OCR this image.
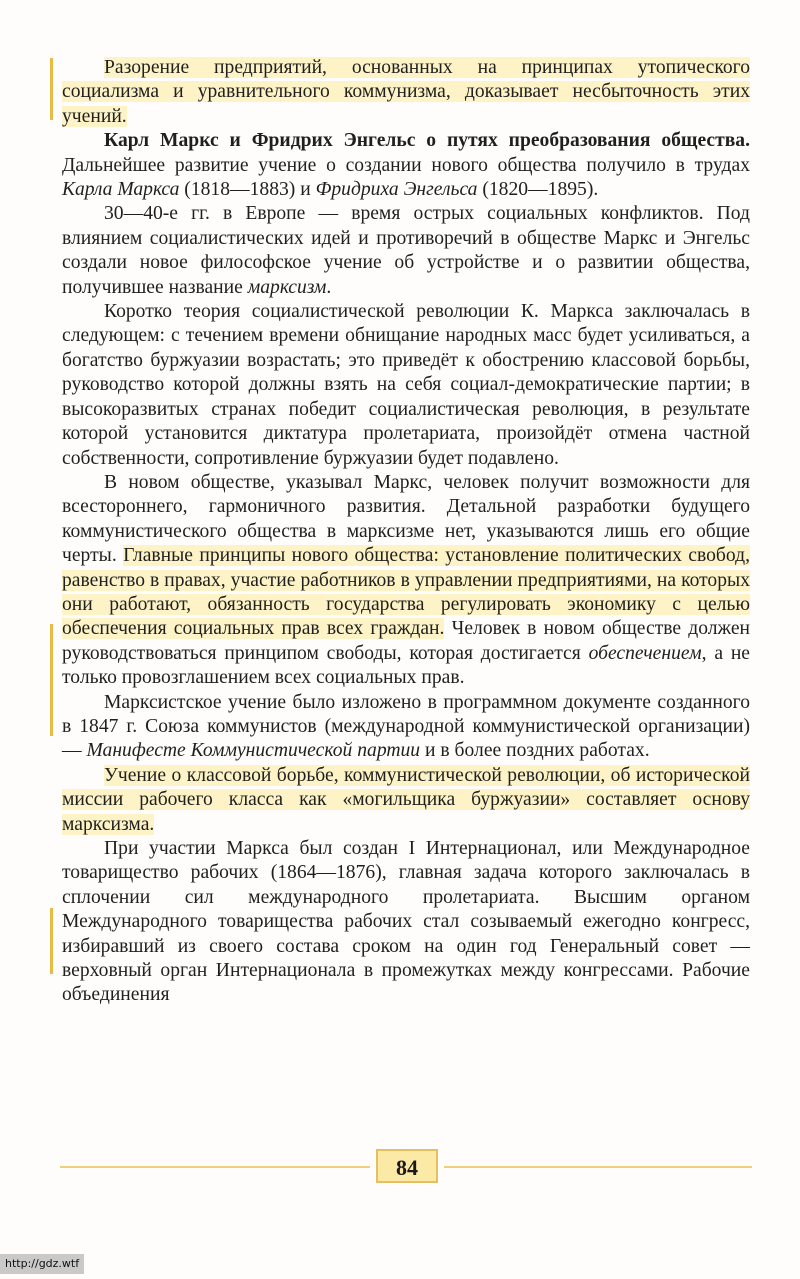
Разорение предприятий, основанных на принципах утопического социализма и уравнительного коммунизма, доказывает несбыточность этих учений.

Карл Маркс и Фридрих Энгельс о путях преобразования общества. Дальнейшее развитие учение о создании нового общества получило в трудах Карла Маркса (1818—1883) и Фридриха Энгельса (1820—1895).

30—40-е гг. в Европе — время острых социальных конфликтов. Под влиянием социалистических идей и противоречий в обществе Маркс и Энгельс создали новое философское учение об устройстве и о развитии общества, получившее название марксизм.

Коротко теория социалистической революции К. Маркса заключалась в следующем: с течением времени обнищание народных масс будет усиливаться, а богатство буржуазии возрастать; это приведёт к обострению классовой борьбы, руководство которой должны взять на себя социал-демократические партии; в высокоразвитых странах победит социалистическая революция, в результате которой установится диктатура пролетариата, произойдёт отмена частной собственности, сопротивление буржуазии будет подавлено.

В новом обществе, указывал Маркс, человек получит возможности для всестороннего, гармоничного развития. Детальной разработки будущего коммунистического общества в марксизме нет, указываются лишь его общие черты. Главные принципы нового общества: установление политических свобод, равенство в правах, участие работников в управлении предприятиями, на которых они работают, обязанность государства регулировать экономику с целью обеспечения социальных прав всех граждан. Человек в новом обществе должен руководствоваться принципом свободы, которая достигается обеспечением, а не только провозглашением всех социальных прав.

Марксистское учение было изложено в программном документе созданного в 1847 г. Союза коммунистов (международной коммунистической организации) — Манифесте Коммунистической партии и в более поздних работах.

Учение о классовой борьбе, коммунистической революции, об исторической миссии рабочего класса как «могильщика буржуазии» составляет основу марксизма.

При участии Маркса был создан I Интернационал, или Международное товарищество рабочих (1864—1876), главная задача которого заключалась в сплочении сил международного пролетариата. Высшим органом Международного товарищества рабочих стал созываемый ежегодно конгресс, избиравший из своего состава сроком на один год Генеральный совет — верховный орган Интернационала в промежутках между конгрессами. Рабочие объединения

84
http://gdz.wtf
